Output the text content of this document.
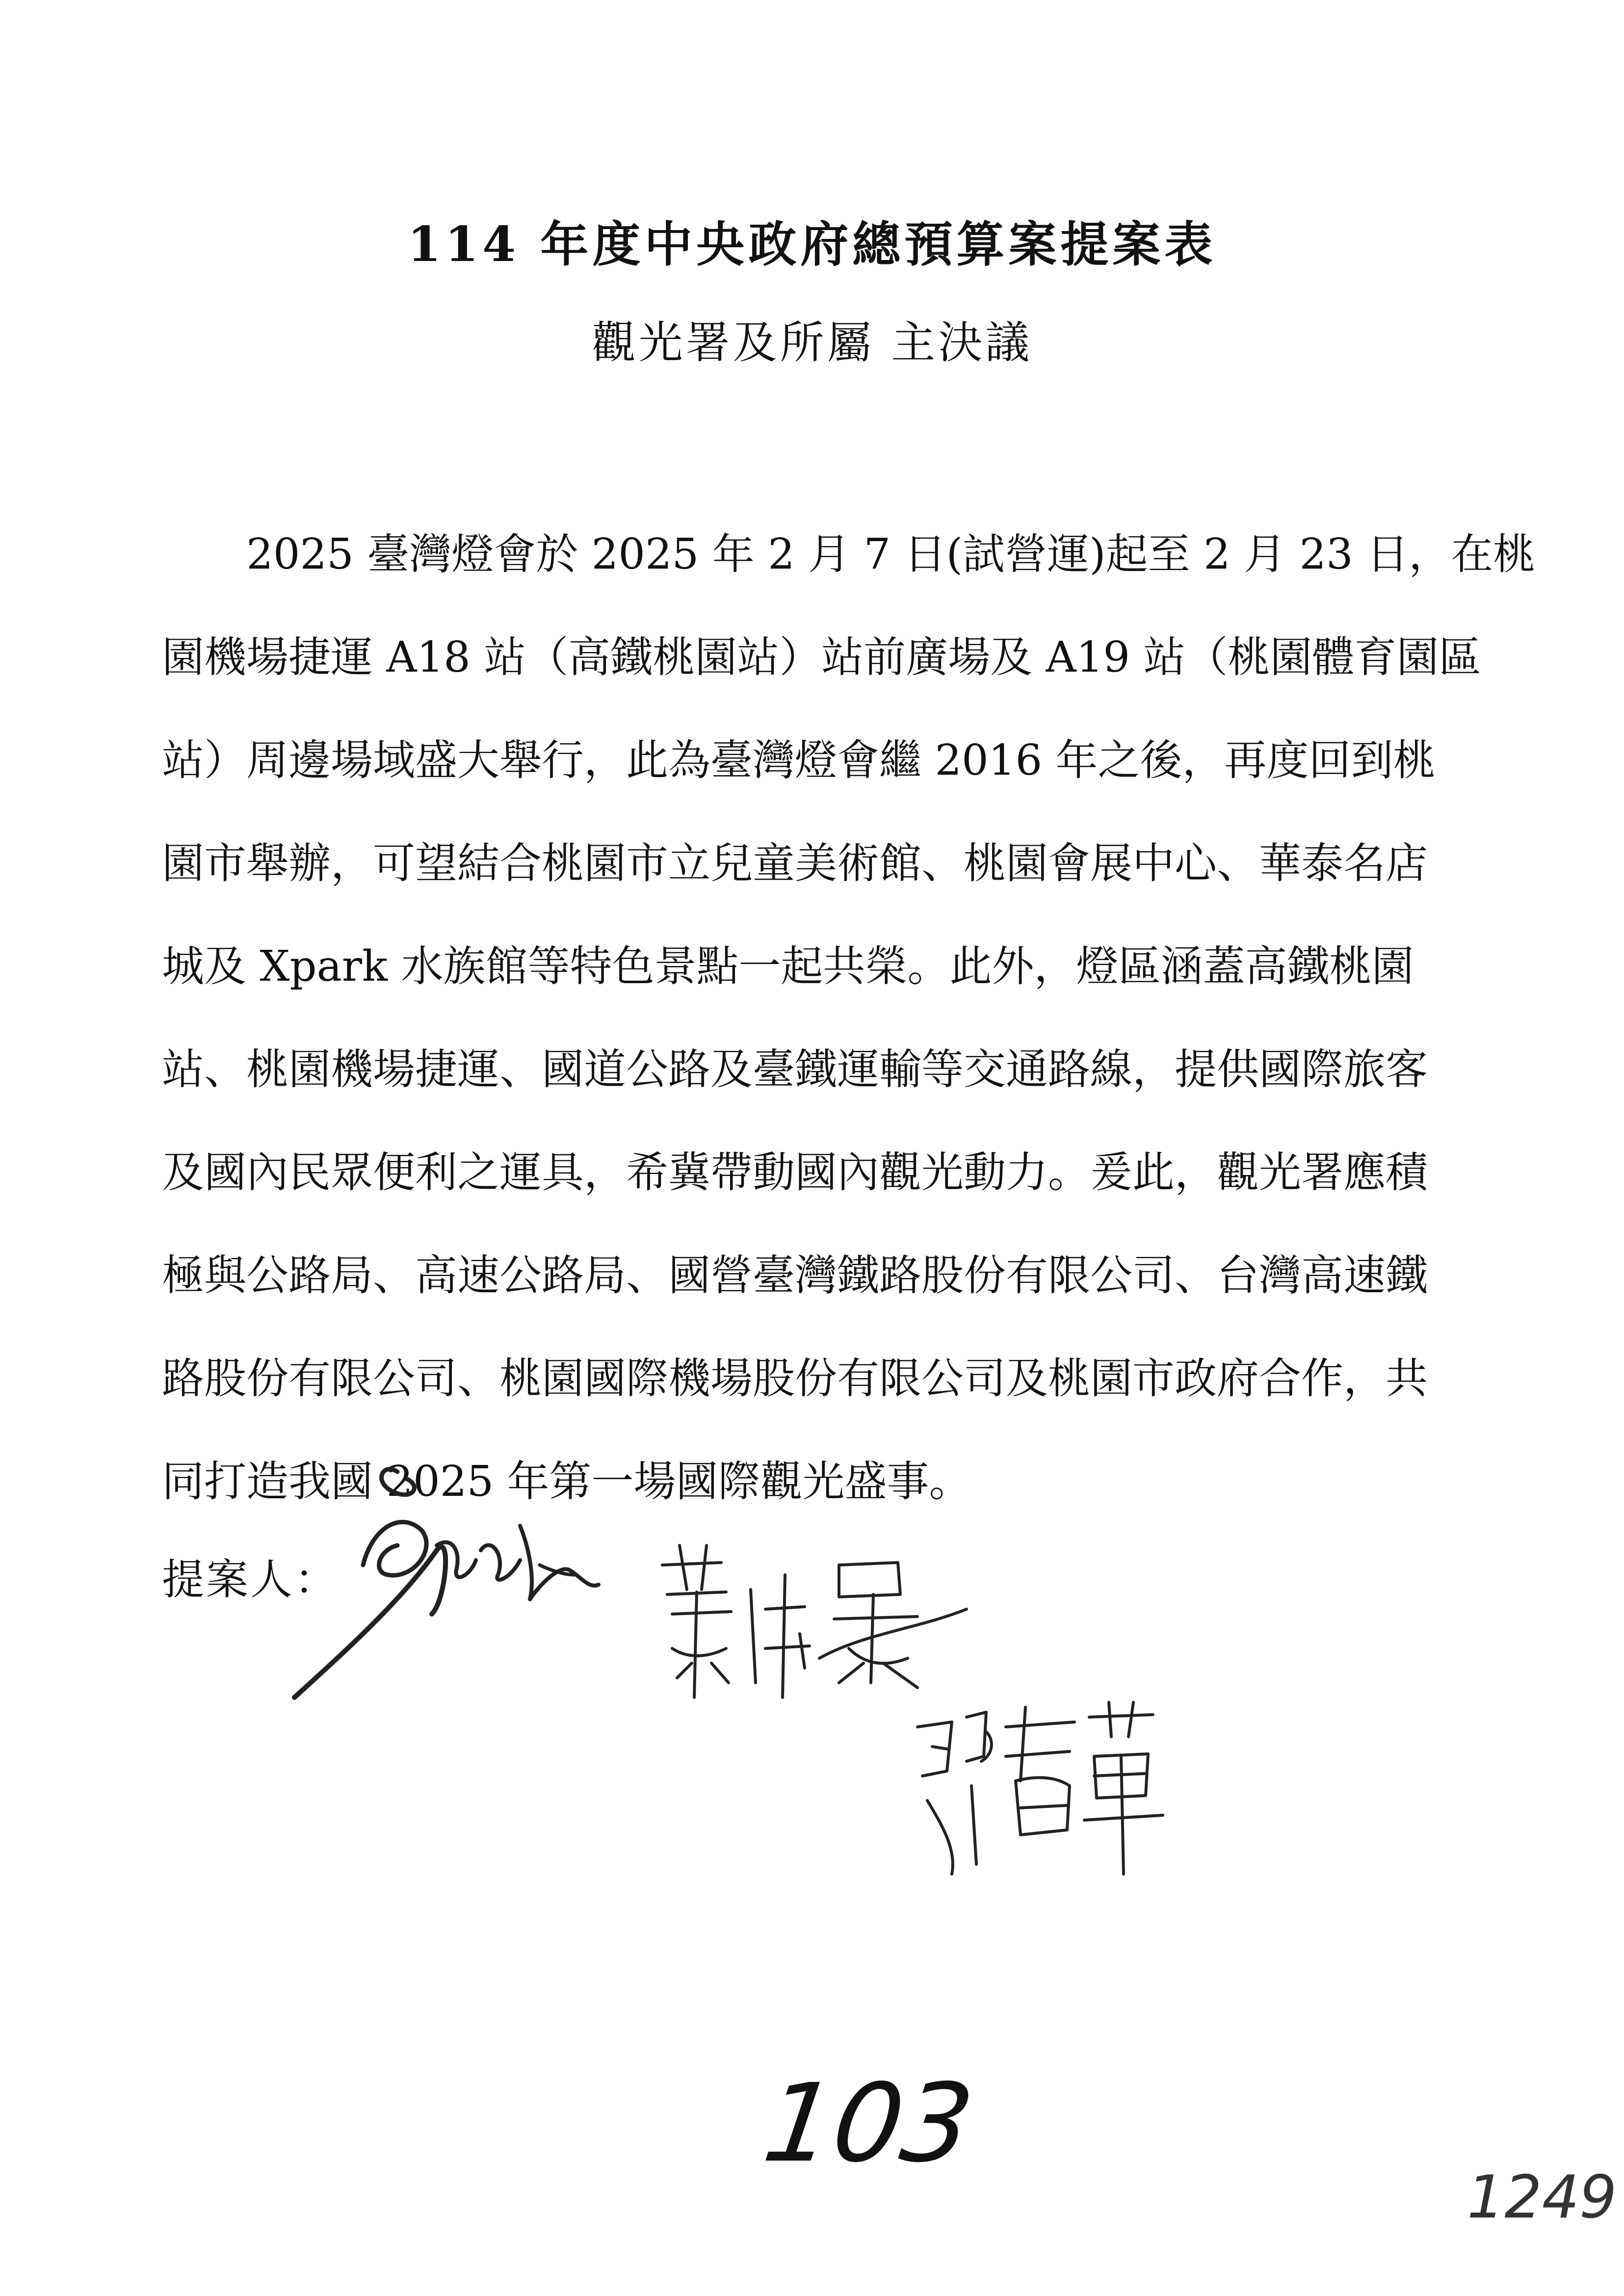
114 年度中央政府總預算案提案表
觀光署及所屬 主決議
2025 臺灣燈會於 2025 年 2 月 7 日(試營運)起至 2 月 23 日，在桃
園機場捷運 A18 站（高鐵桃園站）站前廣場及 A19 站（桃園體育園區
站）周邊場域盛大舉行，此為臺灣燈會繼 2016 年之後，再度回到桃
園市舉辦，可望結合桃園市立兒童美術館、桃園會展中心、華泰名店
城及 Xpark 水族館等特色景點一起共榮。此外，燈區涵蓋高鐵桃園
站、桃園機場捷運、國道公路及臺鐵運輸等交通路線，提供國際旅客
及國內民眾便利之運具，希冀帶動國內觀光動力。爰此，觀光署應積
極與公路局、高速公路局、國營臺灣鐵路股份有限公司、台灣高速鐵
路股份有限公司、桃園國際機場股份有限公司及桃園市政府合作，共
同打造我國 2025 年第一場國際觀光盛事。
提案人：
103
1249
